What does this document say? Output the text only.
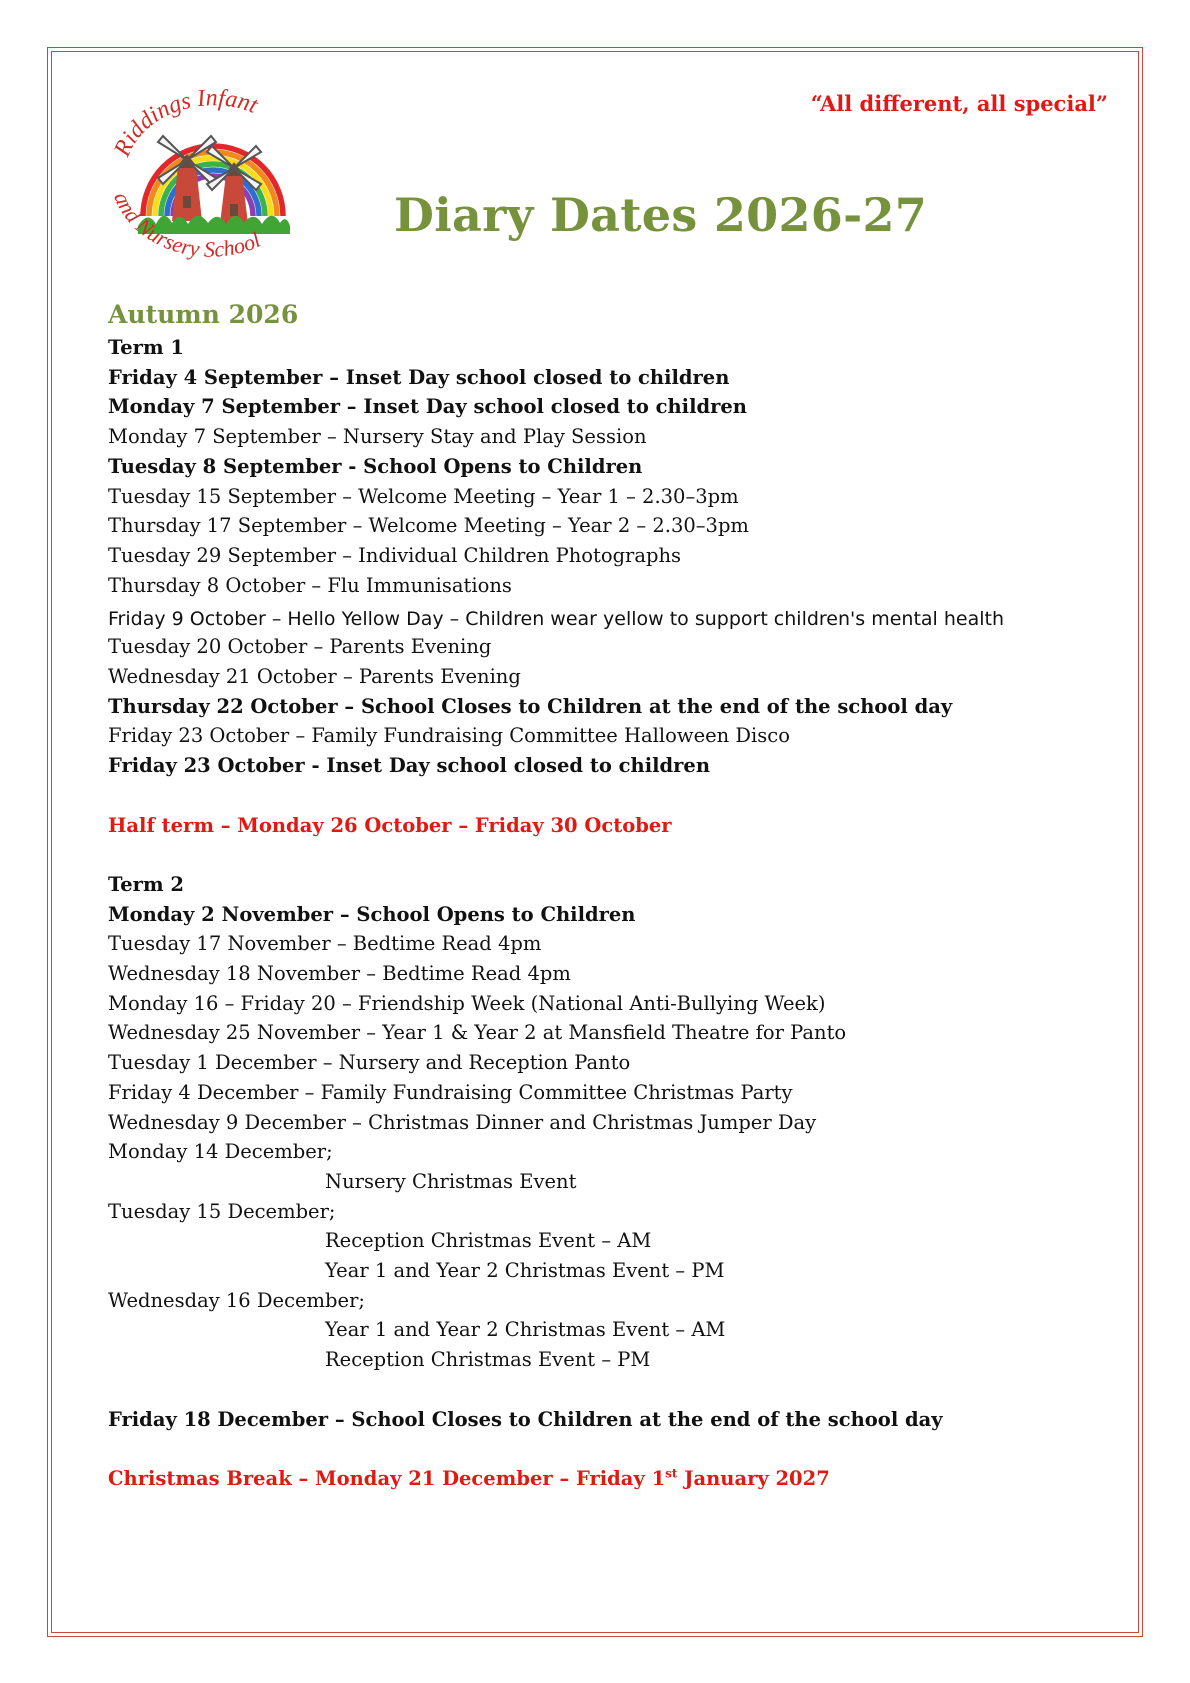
Riddings Infant
and Nursery School
“All different, all special”
Diary Dates 2026-27
Autumn 2026
Term 1
Friday 4 September – Inset Day school closed to children
Monday 7 September – Inset Day school closed to children
Monday 7 September – Nursery Stay and Play Session
Tuesday 8 September - School Opens to Children
Tuesday 15 September – Welcome Meeting – Year 1 – 2.30–3pm
Thursday 17 September – Welcome Meeting – Year 2 – 2.30–3pm
Tuesday 29 September – Individual Children Photographs
Thursday 8 October – Flu Immunisations
Friday 9 October – Hello Yellow Day – Children wear yellow to support children's mental health
Tuesday 20 October – Parents Evening
Wednesday 21 October – Parents Evening
Thursday 22 October – School Closes to Children at the end of the school day
Friday 23 October – Family Fundraising Committee Halloween Disco
Friday 23 October - Inset Day school closed to children
Half term – Monday 26 October – Friday 30 October
Term 2
Monday 2 November – School Opens to Children
Tuesday 17 November – Bedtime Read 4pm
Wednesday 18 November – Bedtime Read 4pm
Monday 16 – Friday 20 – Friendship Week (National Anti-Bullying Week)
Wednesday 25 November – Year 1 & Year 2 at Mansfield Theatre for Panto
Tuesday 1 December – Nursery and Reception Panto
Friday 4 December – Family Fundraising Committee Christmas Party
Wednesday 9 December – Christmas Dinner and Christmas Jumper Day
Monday 14 December;
Nursery Christmas Event
Tuesday 15 December;
Reception Christmas Event – AM
Year 1 and Year 2 Christmas Event – PM
Wednesday 16 December;
Year 1 and Year 2 Christmas Event – AM
Reception Christmas Event – PM
Friday 18 December – School Closes to Children at the end of the school day
Christmas Break – Monday 21 December – Friday 1st January 2027
